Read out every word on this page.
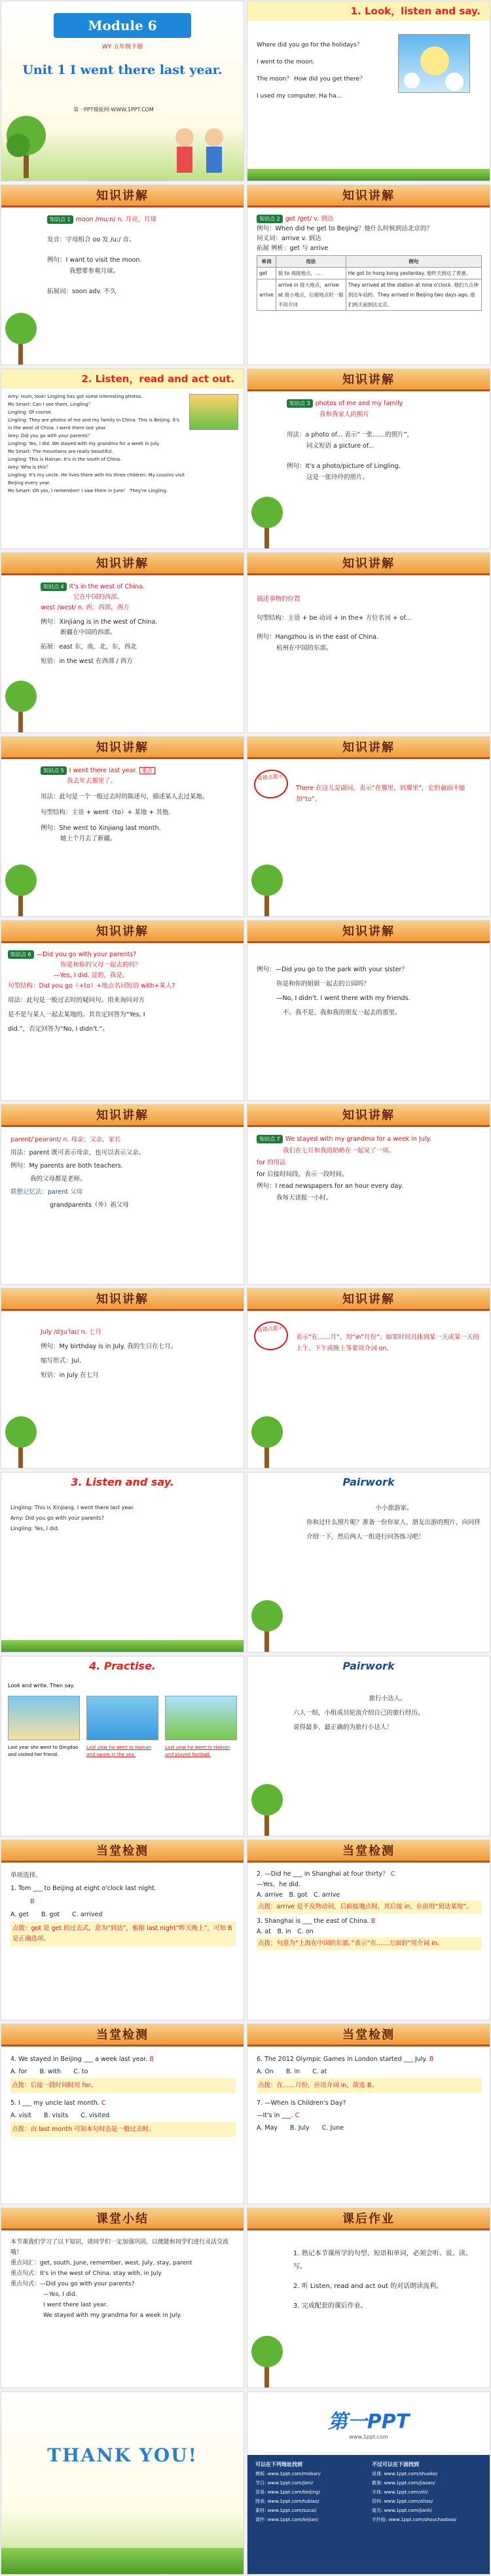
Module 6
WY 五年级下册
Unit 1 I went there last year.
第一PPT模板网-WWW.1PPT.COM
1. Look，listen and say.

Where did you go for the holidays？

I went to the moon.

The moon？ How did you get there？

I used my computer. Ha ha...

知识讲解

知识点 1 moon /muːn/ n. 月亮，月球

发音：字母组合 oo 发 /uː/ 音。

例句：I want to visit the moon.

我想要参观月球。

拓展词：soon adv. 不久

知识讲解

知识点 2 get /get/ v. 到达

例句：When did he get to Beijing？他什么时候到达北京的？

同义词：arrive v. 到达

拓展 辨析：get 与 arrive

单词	用法	例句
get	接 to 再接地点，…	He got to hong kong yesterday. 他昨天到达了香港。
arrive	arrive in 接大地点，arrive at 接小地点，后接地点时一般不用介词	They arrived at the station at nine o'clock. 他们九点钟到达车站的。They arrived in Beijing two days ago. 他们两天前到达北京。
2. Listen，read and act out.

Amy: Hum, look! Lingling has got some interesting photos.

Ms Smart: Can I see them, Lingling？

Lingling: Of course.

Lingling: They are photos of me and my family in China. This is Beijing. It's in the west of China. I went there last year.

Amy: Did you go with your parents？

Lingling: Yes, I did. We stayed with my grandma for a week in July.

Ms Smart: The mountains are really beautiful.

Lingling: This is Hainan. It's in the south of China.

Amy: Who is this？

Lingling: It's my uncle. He lives there with his three children. My cousins visit Beijing every year.

Ms Smart: Oh yes, I remember! I saw them in June！ They're Lingling.

知识讲解

知识点 3 photos of me and my family

我和我家人的照片

用法：a photo of... 表示“一张……的照片”，

同义短语 a picture of...

例句：It's a photo/picture of Lingling.

这是一张玲玲的照片。

知识讲解

知识点 4 It's in the west of China.

它在中国的西部。

west /west/ n. 西；西部，西方

例句：Xinjiang is in the west of China.

新疆在中国的西部。

拓展：east 东，南，北，东，西北

短语：in the west 在西部 / 西方

知识讲解

描述事物的位置

句型结构：主语 + be 动词 + in the+ 方位名词 + of...

例句：Hangzhou is in the east of China.

杭州在中国的东部。

知识讲解

知识点 5 I went there last year. 重点

我去年去那里了。

用法：此句是一个一般过去时的陈述句，描述某人去过某地。

句型结构：主语 + went（to）+ 某地 + 其他.

例句：She went to Xinjiang last month.

她上个月去了新疆。

知识讲解
易错点提示

There 在这儿是副词，表示“在那里，到那里”，它的前面不能加“to”。

知识讲解

知识点 6 —Did you go with your parents?

你是和你的父母一起去的吗？

—Yes, I did. 是的，我是。

句型结构：Did you go（+to）+地点名词短语 with+某人?

用法：此句是一般过去时的疑问句。用来询问对方

是不是与某人一起去某地的。其肯定回答为“Yes, I

did.”，否定回答为“No, I didn't.”。

知识讲解

例句：—Did you go to the park with your sister？

你是和你的姐姐一起去的公园吗？

—No, I didn't. I went there with my friends.

不。我不是，我和我的朋友一起去的那里。

知识讲解

parent/ˈpeərənt/ n. 母亲；父亲，家长

用法：parent 既可表示母亲，也可以表示父亲。

例句：My parents are both teachers.

我的父母都是老师。

联想记忆法：parent 父母

grandparents（外）祖父母

知识讲解

知识点 7 We stayed with my grandma for a week in July.

我们在七月和我的奶奶在一起呆了一周。

for 的用法

for 后接时间段，表示一段时间。

例句：I read newspapers for an hour every day.

我每天读报一小时。

知识讲解

July /dʒuˈlaɪ/ n. 七月

例句：My birthday is in July. 我的生日在七月。

缩写形式：Jul.

短语：in July 在七月

知识讲解
易错点提示

表示“在……月”，用“in”月份”；如果时间具体到某一天或某一天的上午、下午或晚上等要用介词 on。

3. Listen and say.

Lingling: This is Xinjiang. I went there last year.

Amy: Did you go with your parents?

Lingling: Yes, I did.

Pairwork

小小旅游家。

你和过什么照片呢？准备一份你家人、朋友出游的照片，向同伴介绍一下，然后两人一组进行问答练习吧！

4. Practise.
Look and write. Then say.
Last year she went to Qingdao and visited her friend.
Last year he went to Hainan and swam in the sea.
Last year he went to Hainan and played football.
Pairwork

旅行小达人。

六人一组，小组成员轮流介绍自己的旅行经历。

说得最多、最正确的为旅行小达人！

当堂检测

单项选择。

1. Tom ___ to Beijing at eight o'clock last night.

B

A. get　　 B. got　　 C. arrived

点拨：got 是 get 的过去式，意为“到达”，根据 last night“昨天晚上”，可知 B 是正确选项。

当堂检测

2. —Did he ___ in Shanghai at four thirty？ C

—Yes，he did.

A. arrive　 B. got　 C. arrive

点拨：arrive 是不及物动词，后面接地点时，其后接 in，在前用“到达某地”。

3. Shanghai is ___ the east of China. B

A. at　 B. in　 C. on

点拨：句意为“上海在中国的东部。”表示“在……方面的”用介词 in。

当堂检测

4. We stayed in Beijing ___ a week last year. B

A. for　　 B. with　　 C. to

点拨：后接一段时间时用 for。

5. I ___ my uncle last month. C

A. visit　　 B. visits　　 C. visited

点拨：由 last month 可知本句时态是一般过去时。

当堂检测

6. The 2012 Olympic Games in London started ___ July. B

A. On　　 B. in　　 C. at

点拨：在……月份，应用介词 in，故选 B。

7. —When is Children's Day?

—It's in ___. C

A. May　　 B. July　　 C. June

课堂小结

本节课我们学习了以下知识，请同学们一定加强巩固，以便能和同学们进行灵活交流哦！

重点词汇：get, south, June, remember, west, July, stay, parent

重点句式：It's in the west of China. stay with, in July

重点句式：—Did you go with your parents?

—Yes, I did.

I went there last year.

We stayed with my grandma for a week in July.

课后作业

1. 熟记本节课所学的句型、短语和单词，必须会听、说、读、写。

2. 听 Listen, read and act out 的对话朗读流利。

3. 完成配套的课后作业。

THANK YOU!
第一PPT
www.1ppt.com
可以在下列地址找到
模板: www.1ppt.com/moban/
节日: www.1ppt.com/jieri/
背景: www.1ppt.com/beijing/
图表: www.1ppt.com/tubiao/
素材: www.1ppt.com/sucai/
课件: www.1ppt.com/kejian/
不过可以在下面找到
说课: www.1ppt.com/shuoke/
教案: www.1ppt.com/jiaoan/
字体: www.1ppt.com/ziti/
资料: www.1ppt.com/ziliao/
简历: www.1ppt.com/jianli/
手抄报: www.1ppt.com/shouchaobao/
